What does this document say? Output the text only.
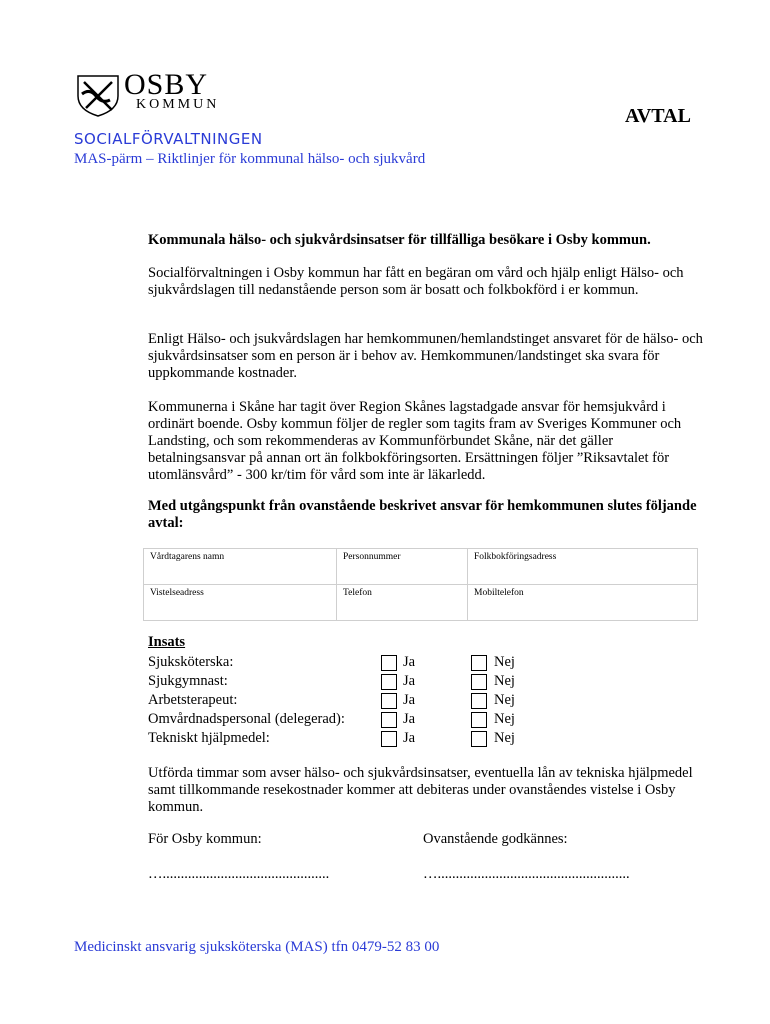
OSBY
KOMMUN
AVTAL
SOCIALFÖRVALTNINGEN
MAS-pärm – Riktlinjer för kommunal hälso- och sjukvård

Kommunala hälso- och sjukvårdsinsatser för tillfälliga besökare i Osby kommun.

Socialförvaltningen i Osby kommun har fått en begäran om vård och hjälp enligt Hälso- och sjukvårdslagen till nedanstående person som är bosatt och folkbokförd i er kommun.

Enligt Hälso- och jsukvårdslagen har hemkommunen/hemlandstinget ansvaret för de hälso- och sjukvårdsinsatser som en person är i behov av. Hemkommunen/landstinget ska svara för uppkommande kostnader.

Kommunerna i Skåne har tagit över Region Skånes lagstadgade ansvar för hemsjukvård i ordinärt boende. Osby kommun följer de regler som tagits fram av Sveriges Kommuner och Landsting, och som rekommenderas av Kommunförbundet Skåne, när det gäller betalningsansvar på annan ort än folkbokföringsorten. Ersättningen följer ”Riksavtalet för utomlänsvård” - 300 kr/tim för vård som inte är läkarledd.

Med utgångspunkt från ovanstående beskrivet ansvar för hemkommunen slutes följande avtal:

Vårdtagarens namn	Personnummer	Folkbokföringsadress
Vistelseadress	Telefon	Mobiltelefon
Insats
Sjuksköterska:	Ja	Nej
Sjukgymnast:	Ja	Nej
Arbetsterapeut:	Ja	Nej
Omvårdnadspersonal (delegerad):	Ja	Nej
Tekniskt hjälpmedel:	Ja	Nej

Utförda timmar som avser hälso- och sjukvårdsinsatser, eventuella lån av tekniska hjälpmedel samt tillkommande resekostnader kommer att debiteras under ovanståendes vistelse i Osby kommun.

För Osby kommun:	Ovanstående godkännes:
…..............................................	….....................................................
Medicinskt ansvarig sjuksköterska (MAS) tfn 0479-52 83 00
